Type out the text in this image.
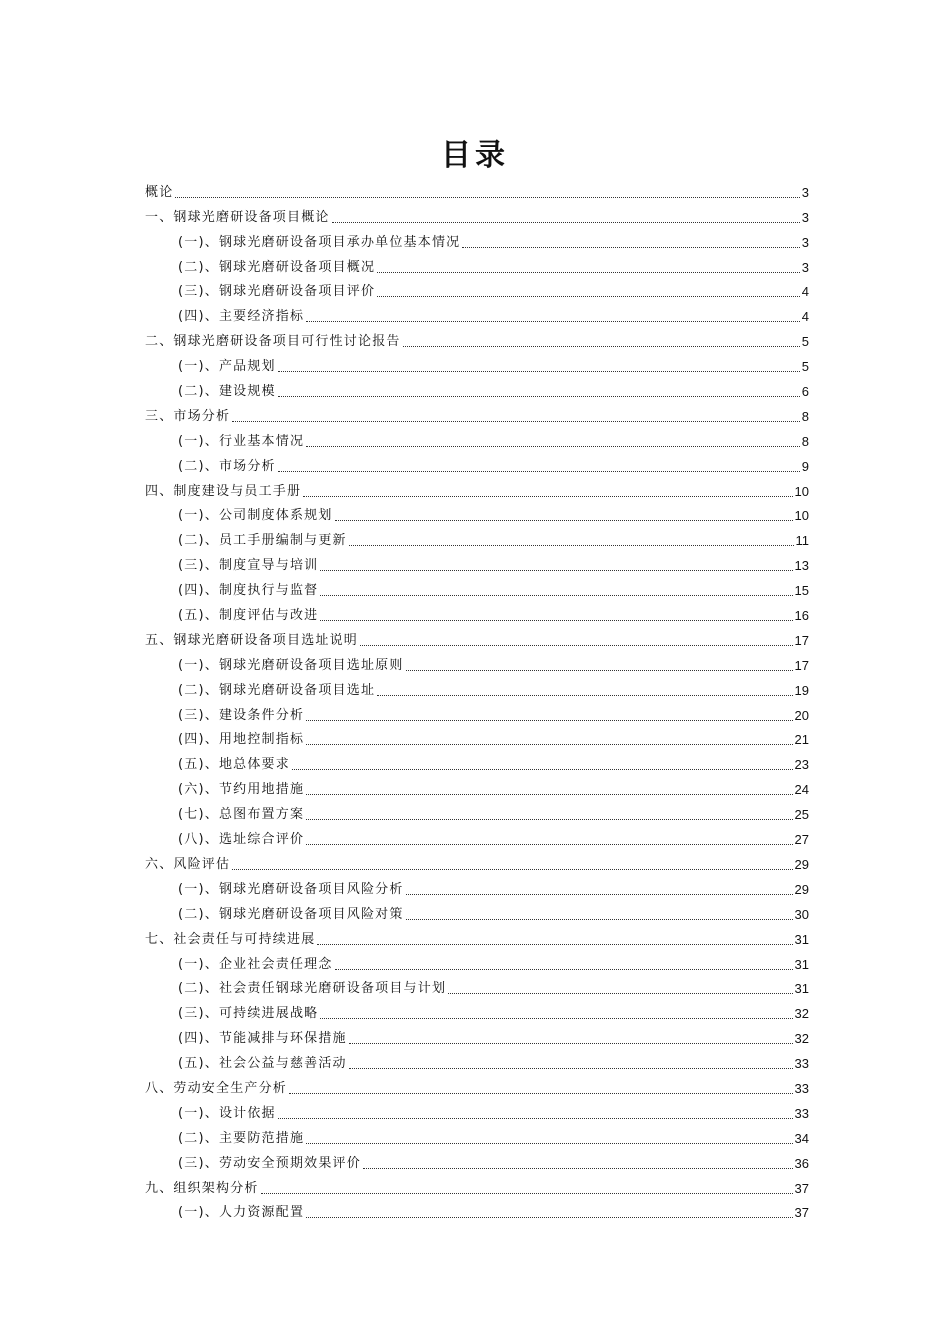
目录
概论	3
一、钢球光磨研设备项目概论	3
(一)、钢球光磨研设备项目承办单位基本情况	3
(二)、钢球光磨研设备项目概况	3
(三)、钢球光磨研设备项目评价	4
(四)、主要经济指标	4
二、钢球光磨研设备项目可行性讨论报告	5
(一)、产品规划	5
(二)、建设规模	6
三、市场分析	8
(一)、行业基本情况	8
(二)、市场分析	9
四、制度建设与员工手册	10
(一)、公司制度体系规划	10
(二)、员工手册编制与更新	11
(三)、制度宣导与培训	13
(四)、制度执行与监督	15
(五)、制度评估与改进	16
五、钢球光磨研设备项目选址说明	17
(一)、钢球光磨研设备项目选址原则	17
(二)、钢球光磨研设备项目选址	19
(三)、建设条件分析	20
(四)、用地控制指标	21
(五)、地总体要求	23
(六)、节约用地措施	24
(七)、总图布置方案	25
(八)、选址综合评价	27
六、风险评估	29
(一)、钢球光磨研设备项目风险分析	29
(二)、钢球光磨研设备项目风险对策	30
七、社会责任与可持续进展	31
(一)、企业社会责任理念	31
(二)、社会责任钢球光磨研设备项目与计划	31
(三)、可持续进展战略	32
(四)、节能减排与环保措施	32
(五)、社会公益与慈善活动	33
八、劳动安全生产分析	33
(一)、设计依据	33
(二)、主要防范措施	34
(三)、劳动安全预期效果评价	36
九、组织架构分析	37
(一)、人力资源配置	37
